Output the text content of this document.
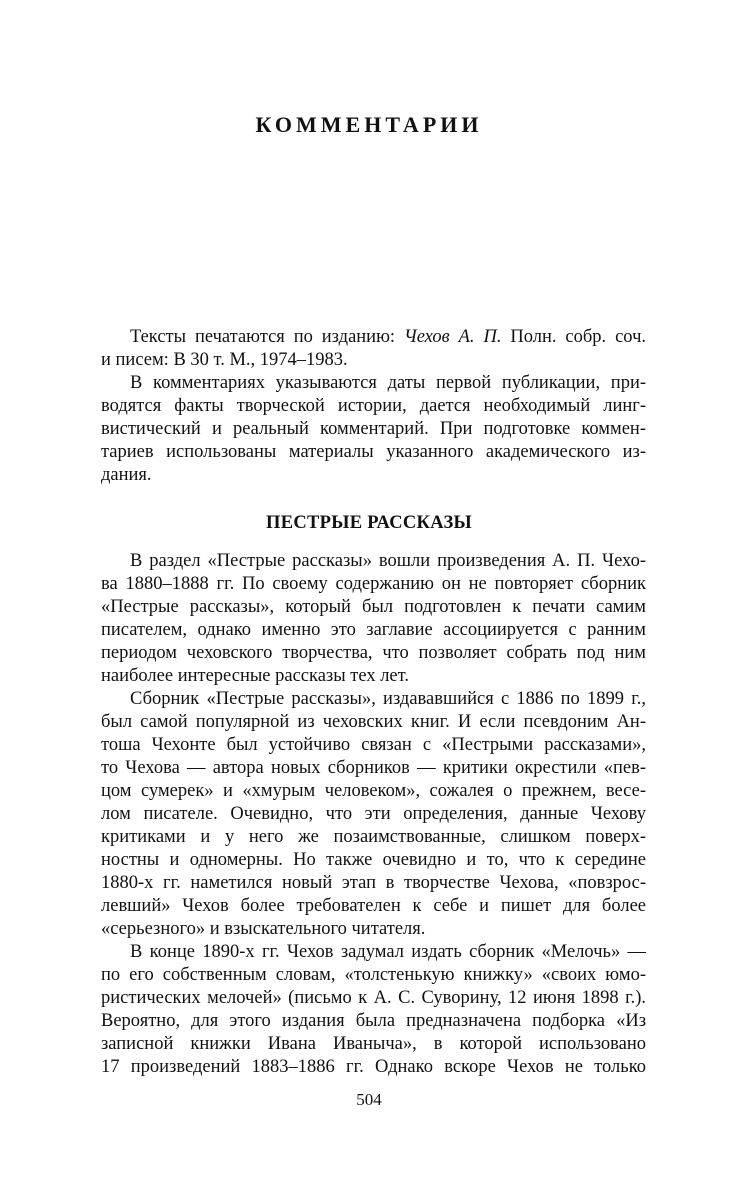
КОММЕНТАРИИ
Тексты печатаются по изданию: Чехов А. П. Полн. собр. соч.
и писем: В 30 т. М., 1974–1983.
В комментариях указываются даты первой публикации, при-
водятся факты творческой истории, дается необходимый линг-
вистический и реальный комментарий. При подготовке коммен-
тариев использованы материалы указанного академического из-
дания.
ПЕСТРЫЕ РАССКАЗЫ
В раздел «Пестрые рассказы» вошли произведения А. П. Чехо-
ва 1880–1888 гг. По своему содержанию он не повторяет сборник
«Пестрые рассказы», который был подготовлен к печати самим
писателем, однако именно это заглавие ассоциируется с ранним
периодом чеховского творчества, что позволяет собрать под ним
наиболее интересные рассказы тех лет.
Сборник «Пестрые рассказы», издававшийся с 1886 по 1899 г.,
был самой популярной из чеховских книг. И если псевдоним Ан-
тоша Чехонте был устойчиво связан с «Пестрыми рассказами»,
то Чехова — автора новых сборников — критики окрестили «пев-
цом сумерек» и «хмурым человеком», сожалея о прежнем, весе-
лом писателе. Очевидно, что эти определения, данные Чехову
критиками и у него же позаимствованные, слишком поверх-
ностны и одномерны. Но также очевидно и то, что к середине
1880-х гг. наметился новый этап в творчестве Чехова, «повзрос-
левший» Чехов более требователен к себе и пишет для более
«серьезного» и взыскательного читателя.
В конце 1890-х гг. Чехов задумал издать сборник «Мелочь» —
по его собственным словам, «толстенькую книжку» «своих юмо-
ристических мелочей» (письмо к А. С. Суворину, 12 июня 1898 г.).
Вероятно, для этого издания была предназначена подборка «Из
записной книжки Ивана Иваныча», в которой использовано
17 произведений 1883–1886 гг. Однако вскоре Чехов не только
504
